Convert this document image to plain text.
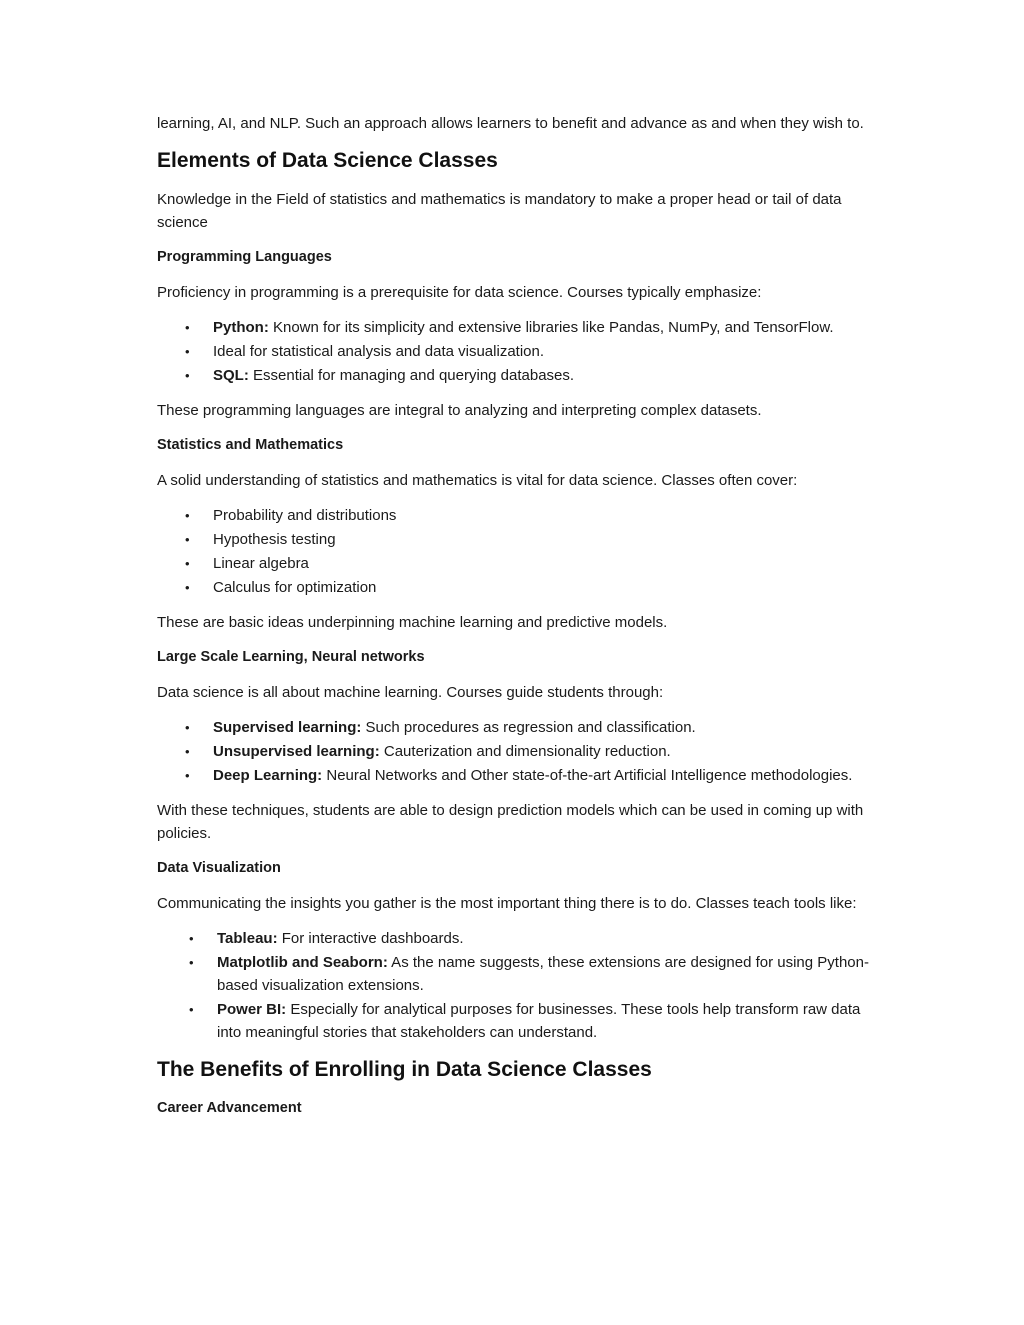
learning, AI, and NLP. Such an approach allows learners to benefit and advance as and when they wish to.

Elements of Data Science Classes

Knowledge in the Field of statistics and mathematics is mandatory to make a proper head or tail of data science

Programming Languages

Proficiency in programming is a prerequisite for data science. Courses typically emphasize:

• Python: Known for its simplicity and extensive libraries like Pandas, NumPy, and TensorFlow.
• Ideal for statistical analysis and data visualization.
• SQL: Essential for managing and querying databases.

These programming languages are integral to analyzing and interpreting complex datasets.

Statistics and Mathematics

A solid understanding of statistics and mathematics is vital for data science. Classes often cover:

• Probability and distributions
• Hypothesis testing
• Linear algebra
• Calculus for optimization

These are basic ideas underpinning machine learning and predictive models.

Large Scale Learning, Neural networks

Data science is all about machine learning. Courses guide students through:

• Supervised learning: Such procedures as regression and classification.
• Unsupervised learning: Cauterization and dimensionality reduction.
• Deep Learning: Neural Networks and Other state-of-the-art Artificial Intelligence methodologies.

With these techniques, students are able to design prediction models which can be used in coming up with policies.

Data Visualization

Communicating the insights you gather is the most important thing there is to do. Classes teach tools like:

• Tableau: For interactive dashboards.
• Matplotlib and Seaborn: As the name suggests, these extensions are designed for using Python-based visualization extensions.
• Power BI: Especially for analytical purposes for businesses. These tools help transform raw data into meaningful stories that stakeholders can understand.
The Benefits of Enrolling in Data Science Classes
Career Advancement
